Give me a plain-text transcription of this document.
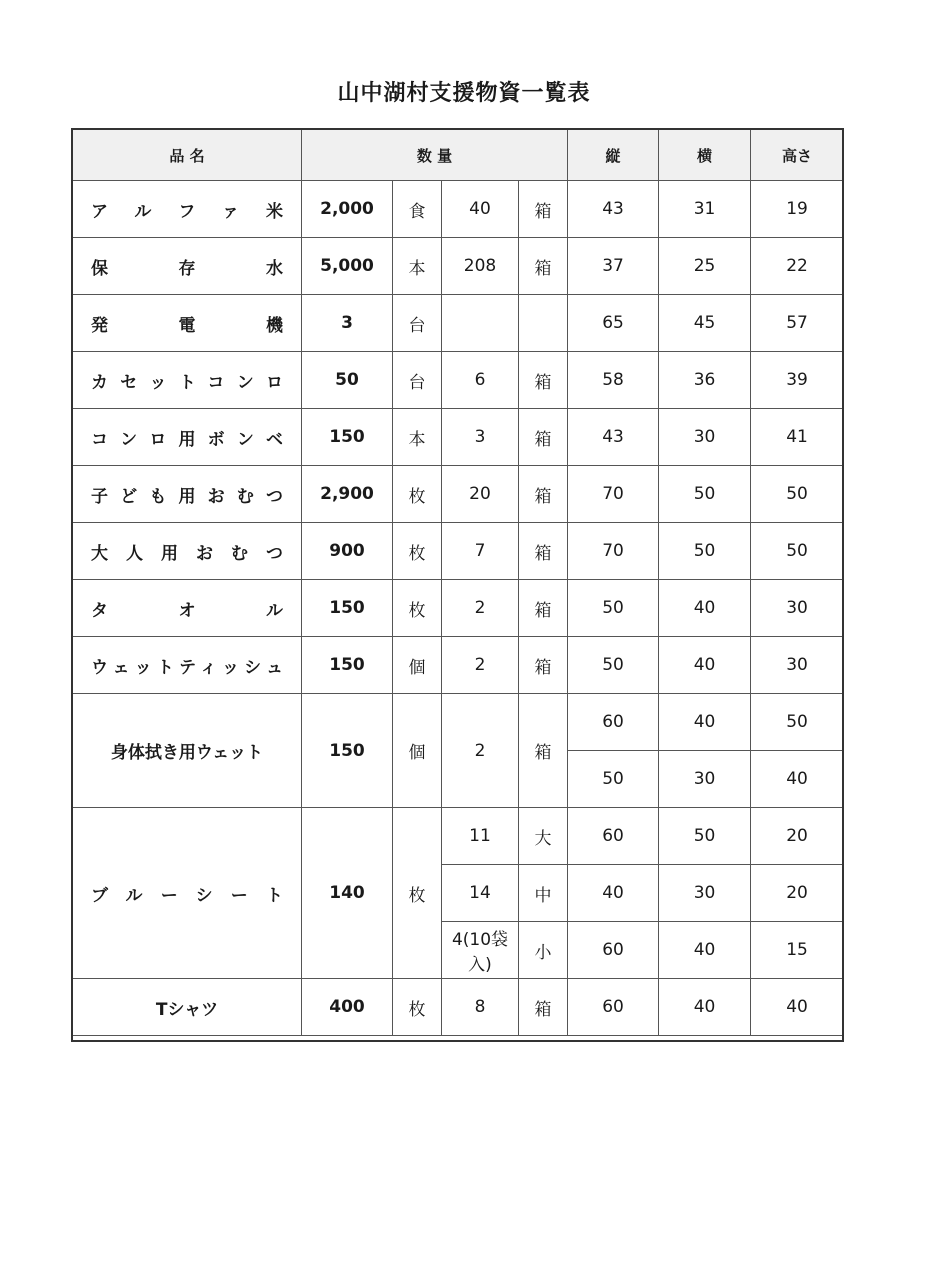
山中湖村支援物資一覧表
品 名	数 量				縦	横	高さ
アルファ米	2,000	食	40	箱	43	31	19
保存水	5,000	本	208	箱	37	25	22
発電機	3	台			65	45	57
カセットコンロ	50	台	6	箱	58	36	39
コンロ用ボンベ	150	本	3	箱	43	30	41
子ども用おむつ	2,900	枚	20	箱	70	50	50
大人用おむつ	900	枚	7	箱	70	50	50
タオル	150	枚	2	箱	50	40	30
ウェットティッシュ	150	個	2	箱	50	40	30
身体拭き用ウェット	150	個	2	箱	60	40	50
					50	30	40
ブルーシート	140	枚	11	大	60	50	20
			14	中	40	30	20
			4(10袋入)	小	60	40	15
Tシャツ	400	枚	8	箱	60	40	40
